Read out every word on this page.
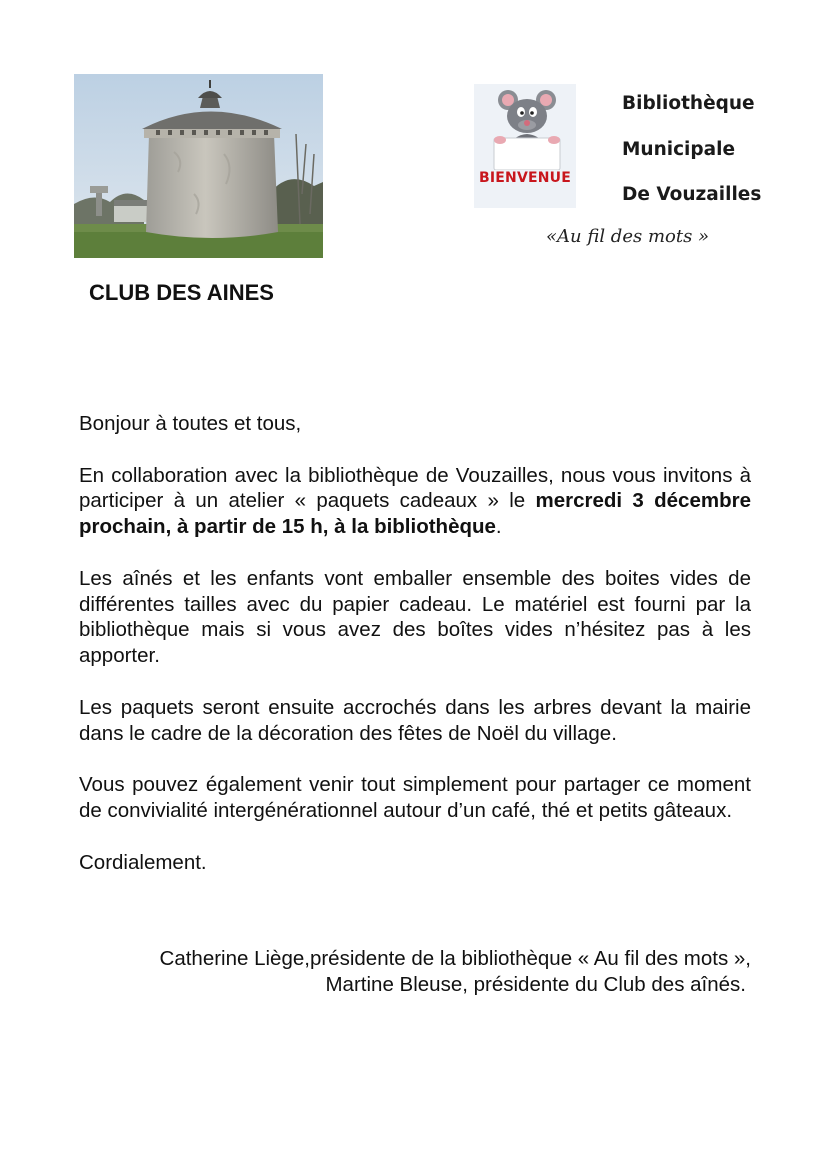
BIENVENUE
Bibliothèque
Municipale
De Vouzailles
«Au fil des mots »
CLUB DES AINES

Bonjour à toutes et tous,

En collaboration avec la bibliothèque de Vouzailles, nous vous invitons à participer à un atelier « paquets cadeaux » le mercredi 3 décembre prochain, à partir de 15 h, à la bibliothèque.

Les aînés et les enfants vont emballer ensemble des boites vides de différentes tailles avec du papier cadeau. Le matériel est fourni par la bibliothèque mais si vous avez des boîtes vides n’hésitez pas à les apporter.

Les paquets seront ensuite accrochés dans les arbres devant la mairie dans le cadre de la décoration des fêtes de Noël du village.

Vous pouvez également venir tout simplement pour partager ce moment de convivialité intergénérationnel autour d’un café, thé et petits gâteaux.

Cordialement.

Catherine Liège,présidente de la bibliothèque « Au fil des mots »,
Martine Bleuse, présidente du Club des aînés.
